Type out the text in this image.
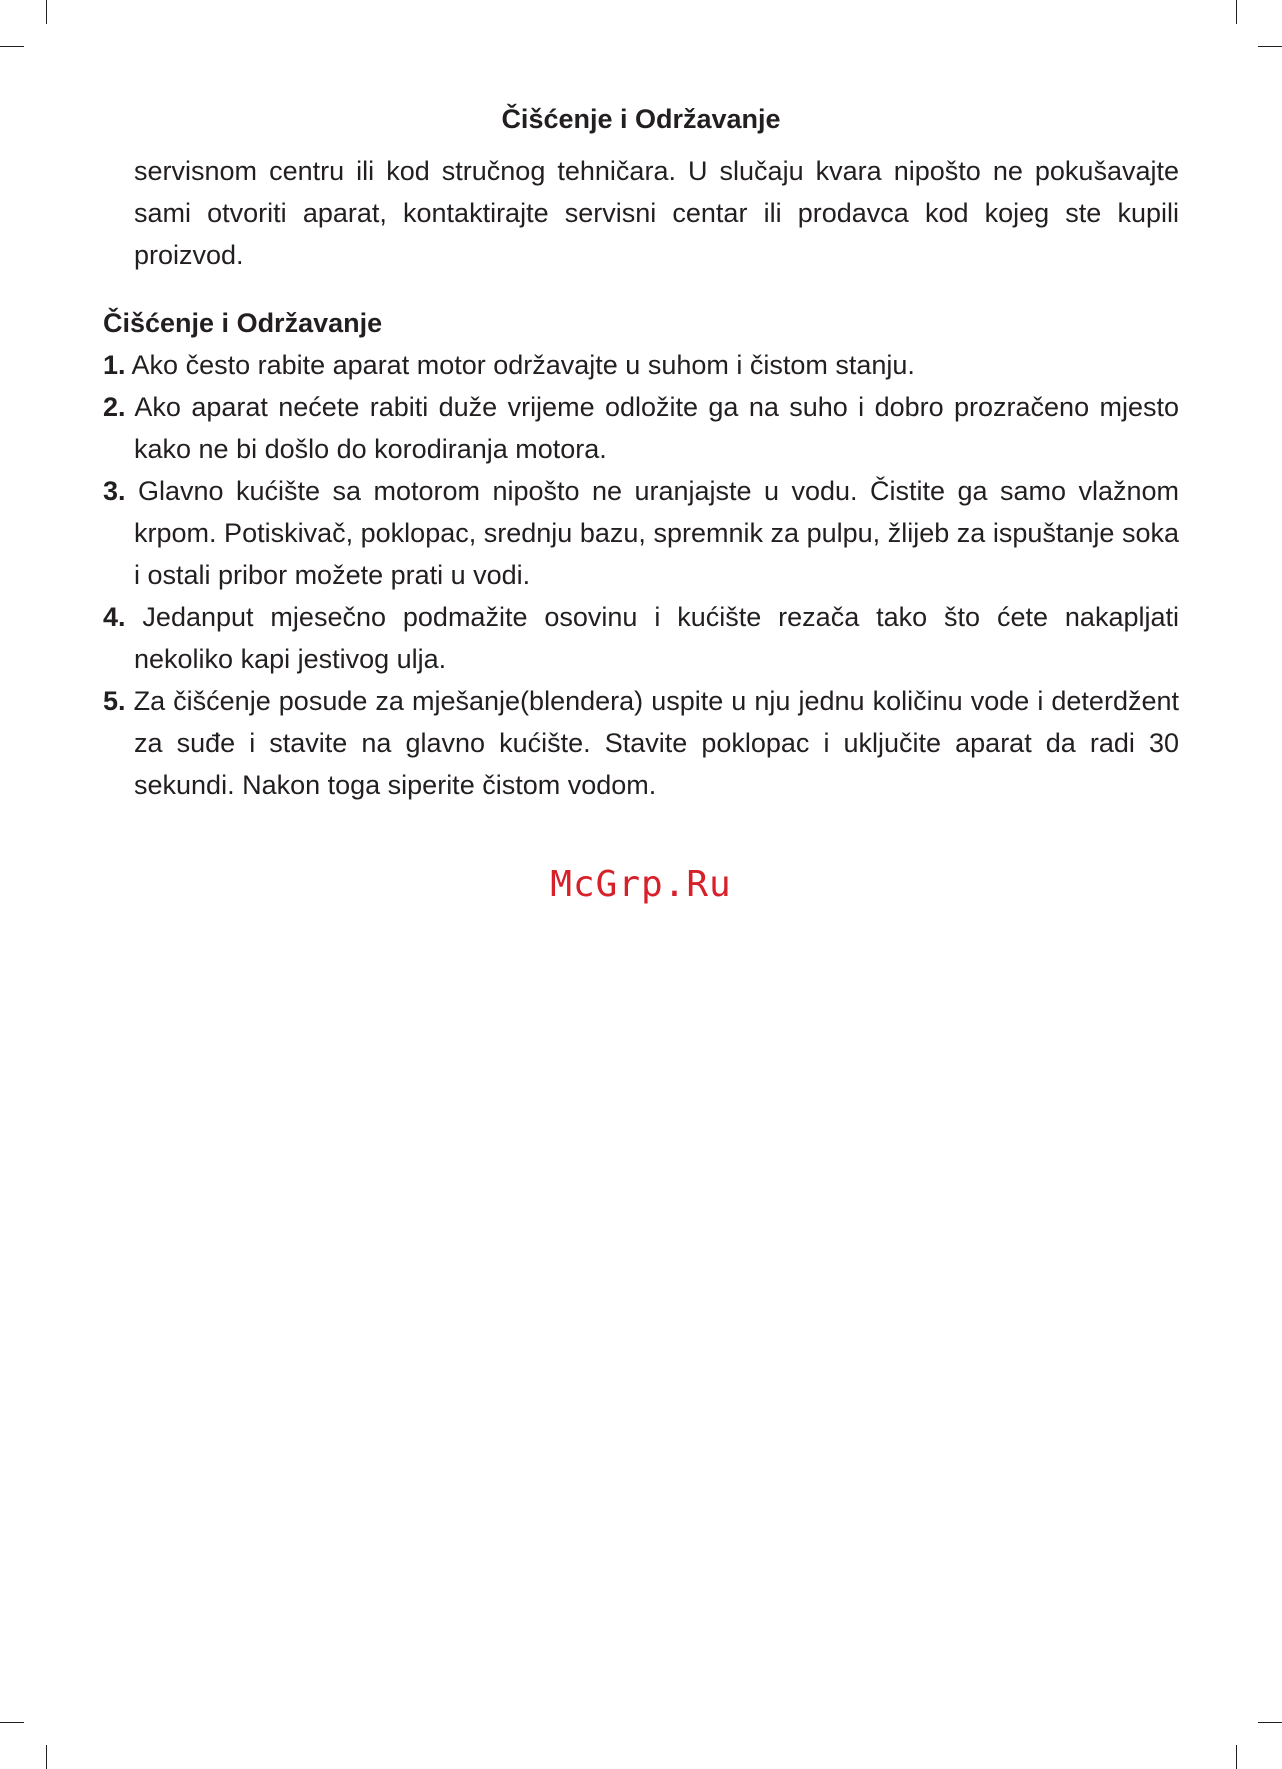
Čišćenje i Održavanje

servisnom centru ili kod stručnog tehničara. U slučaju kvara nipošto ne pokušavajte sami otvoriti aparat, kontaktirajte servisni centar ili prodavca kod kojeg ste kupili proizvod.

Čišćenje i Održavanje
1. Ako često rabite aparat motor održavajte u suhom i čistom stanju.
2. Ako aparat nećete rabiti duže vrijeme odložite ga na suho i dobro prozračeno mjesto kako ne bi došlo do korodiranja motora.
3. Glavno kućište sa motorom nipošto ne uranjajste u vodu. Čistite ga samo vlažnom krpom. Potiskivač, poklopac, srednju bazu, spremnik za pulpu, žlijeb za ispuštanje soka i ostali pribor možete prati u vodi.
4. Jedanput mjesečno podmažite osovinu i kućište rezača tako što ćete nakapljati nekoliko kapi jestivog ulja.
5. Za čišćenje posude za mješanje(blendera) uspite u nju jednu količinu vode i deterdžent za suđe i stavite na glavno kućište. Stavite poklopac i uključite aparat da radi 30 sekundi. Nakon toga siperite čistom vodom.
McGrp.Ru
